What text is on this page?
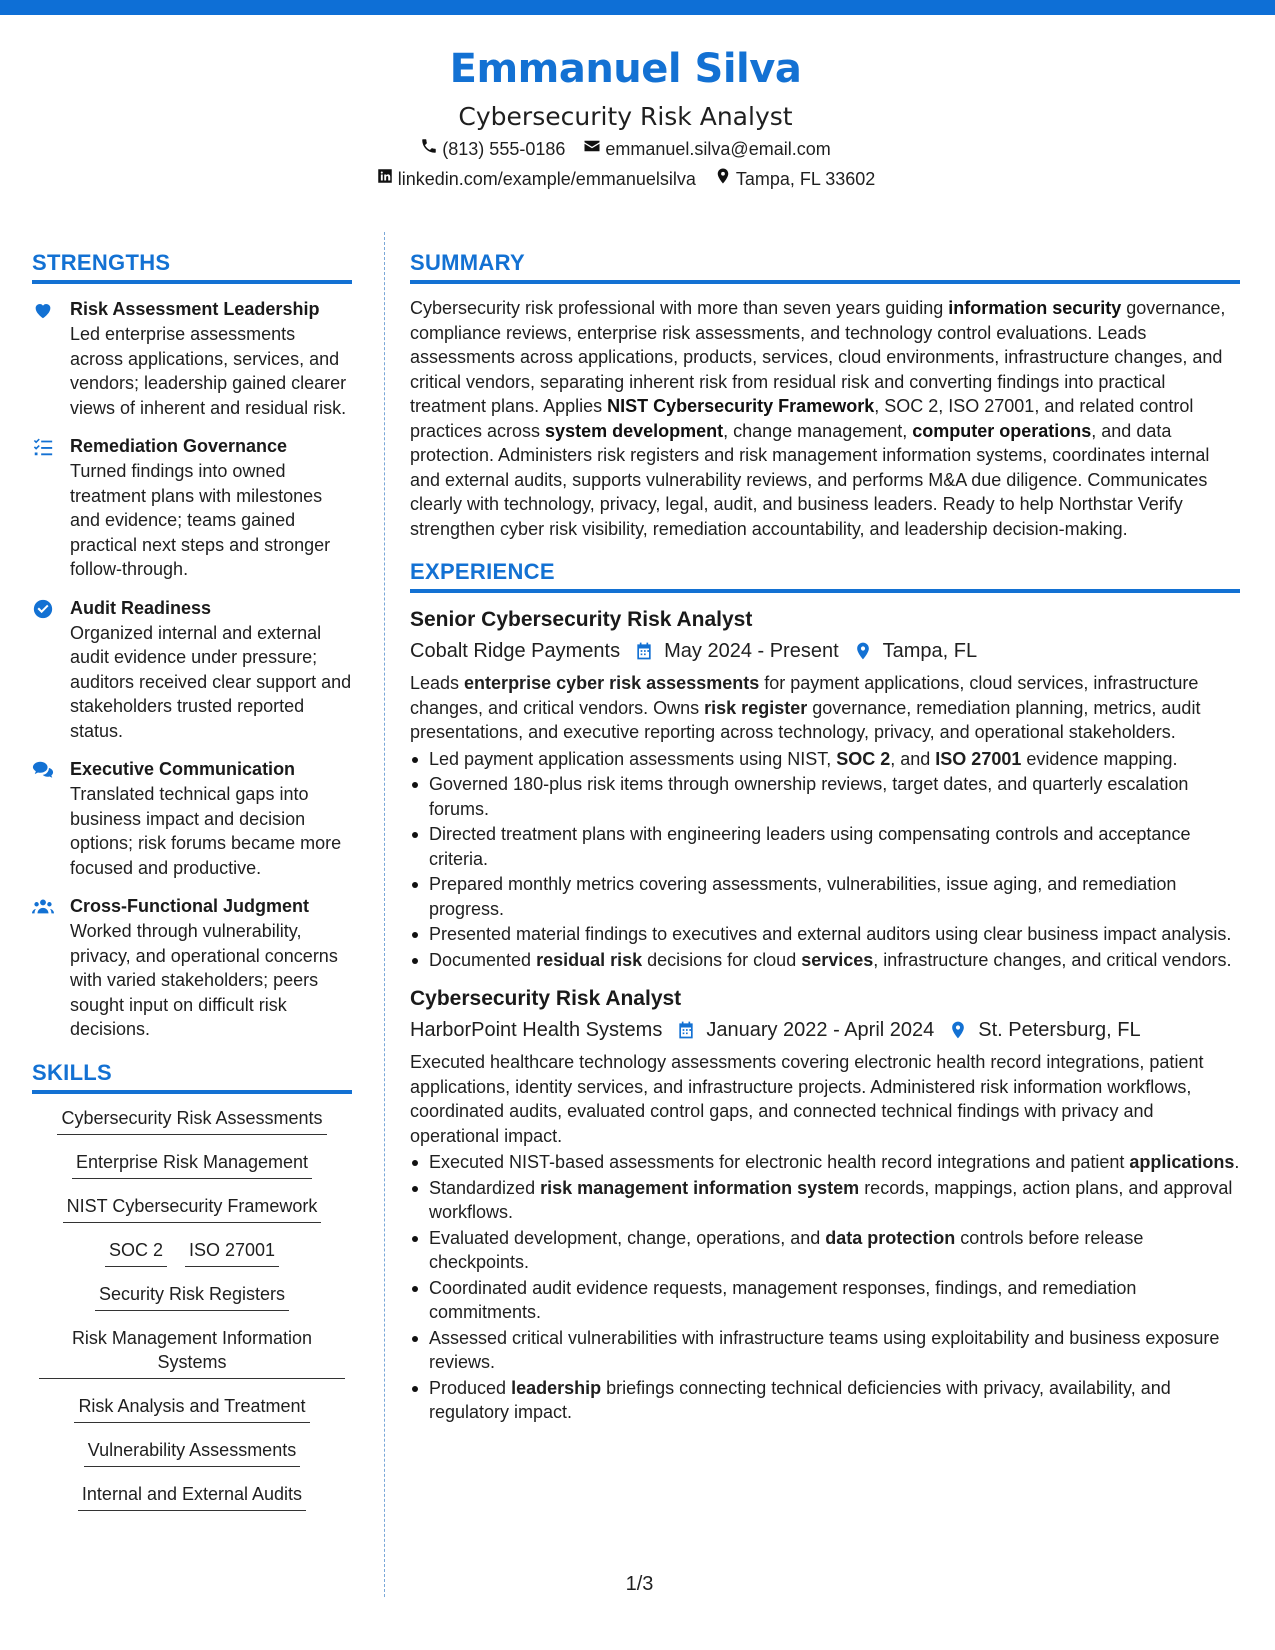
Emmanuel Silva
Cybersecurity Risk Analyst
(813) 555-0186 emmanuel.silva@email.com
linkedin.com/example/emmanuelsilva Tampa, FL 33602
STRENGTHS
Risk Assessment Leadership
Led enterprise assessments across applications, services, and vendors; leadership gained clearer views of inherent and residual risk.
Remediation Governance
Turned findings into owned treatment plans with milestones and evidence; teams gained practical next steps and stronger follow-through.
Audit Readiness
Organized internal and external audit evidence under pressure; auditors received clear support and stakeholders trusted reported status.
Executive Communication
Translated technical gaps into business impact and decision options; risk forums became more focused and productive.
Cross-Functional Judgment
Worked through vulnerability, privacy, and operational concerns with varied stakeholders; peers sought input on difficult risk decisions.
SKILLS
Cybersecurity Risk Assessments
Enterprise Risk Management
NIST Cybersecurity Framework
SOC 2 ISO 27001
Security Risk Registers
Risk Management Information Systems
Risk Analysis and Treatment
Vulnerability Assessments
Internal and External Audits
SUMMARY
Cybersecurity risk professional with more than seven years guiding information security governance, compliance reviews, enterprise risk assessments, and technology control evaluations. Leads assessments across applications, products, services, cloud environments, infrastructure changes, and critical vendors, separating inherent risk from residual risk and converting findings into practical treatment plans. Applies NIST Cybersecurity Framework, SOC 2, ISO 27001, and related control practices across system development, change management, computer operations, and data protection. Administers risk registers and risk management information systems, coordinates internal and external audits, supports vulnerability reviews, and performs M&A due diligence. Communicates clearly with technology, privacy, legal, audit, and business leaders. Ready to help Northstar Verify strengthen cyber risk visibility, remediation accountability, and leadership decision-making.
EXPERIENCE
Senior Cybersecurity Risk Analyst
Cobalt Ridge Payments May 2024 - Present Tampa, FL
Leads enterprise cyber risk assessments for payment applications, cloud services, infrastructure changes, and critical vendors. Owns risk register governance, remediation planning, metrics, audit presentations, and executive reporting across technology, privacy, and operational stakeholders.
Led payment application assessments using NIST, SOC 2, and ISO 27001 evidence mapping.
Governed 180-plus risk items through ownership reviews, target dates, and quarterly escalation forums.
Directed treatment plans with engineering leaders using compensating controls and acceptance criteria.
Prepared monthly metrics covering assessments, vulnerabilities, issue aging, and remediation progress.
Presented material findings to executives and external auditors using clear business impact analysis.
Documented residual risk decisions for cloud services, infrastructure changes, and critical vendors.
Cybersecurity Risk Analyst
HarborPoint Health Systems January 2022 - April 2024 St. Petersburg, FL
Executed healthcare technology assessments covering electronic health record integrations, patient applications, identity services, and infrastructure projects. Administered risk information workflows, coordinated audits, evaluated control gaps, and connected technical findings with privacy and operational impact.
Executed NIST-based assessments for electronic health record integrations and patient applications.
Standardized risk management information system records, mappings, action plans, and approval workflows.
Evaluated development, change, operations, and data protection controls before release checkpoints.
Coordinated audit evidence requests, management responses, findings, and remediation commitments.
Assessed critical vulnerabilities with infrastructure teams using exploitability and business exposure reviews.
Produced leadership briefings connecting technical deficiencies with privacy, availability, and regulatory impact.
1/3
